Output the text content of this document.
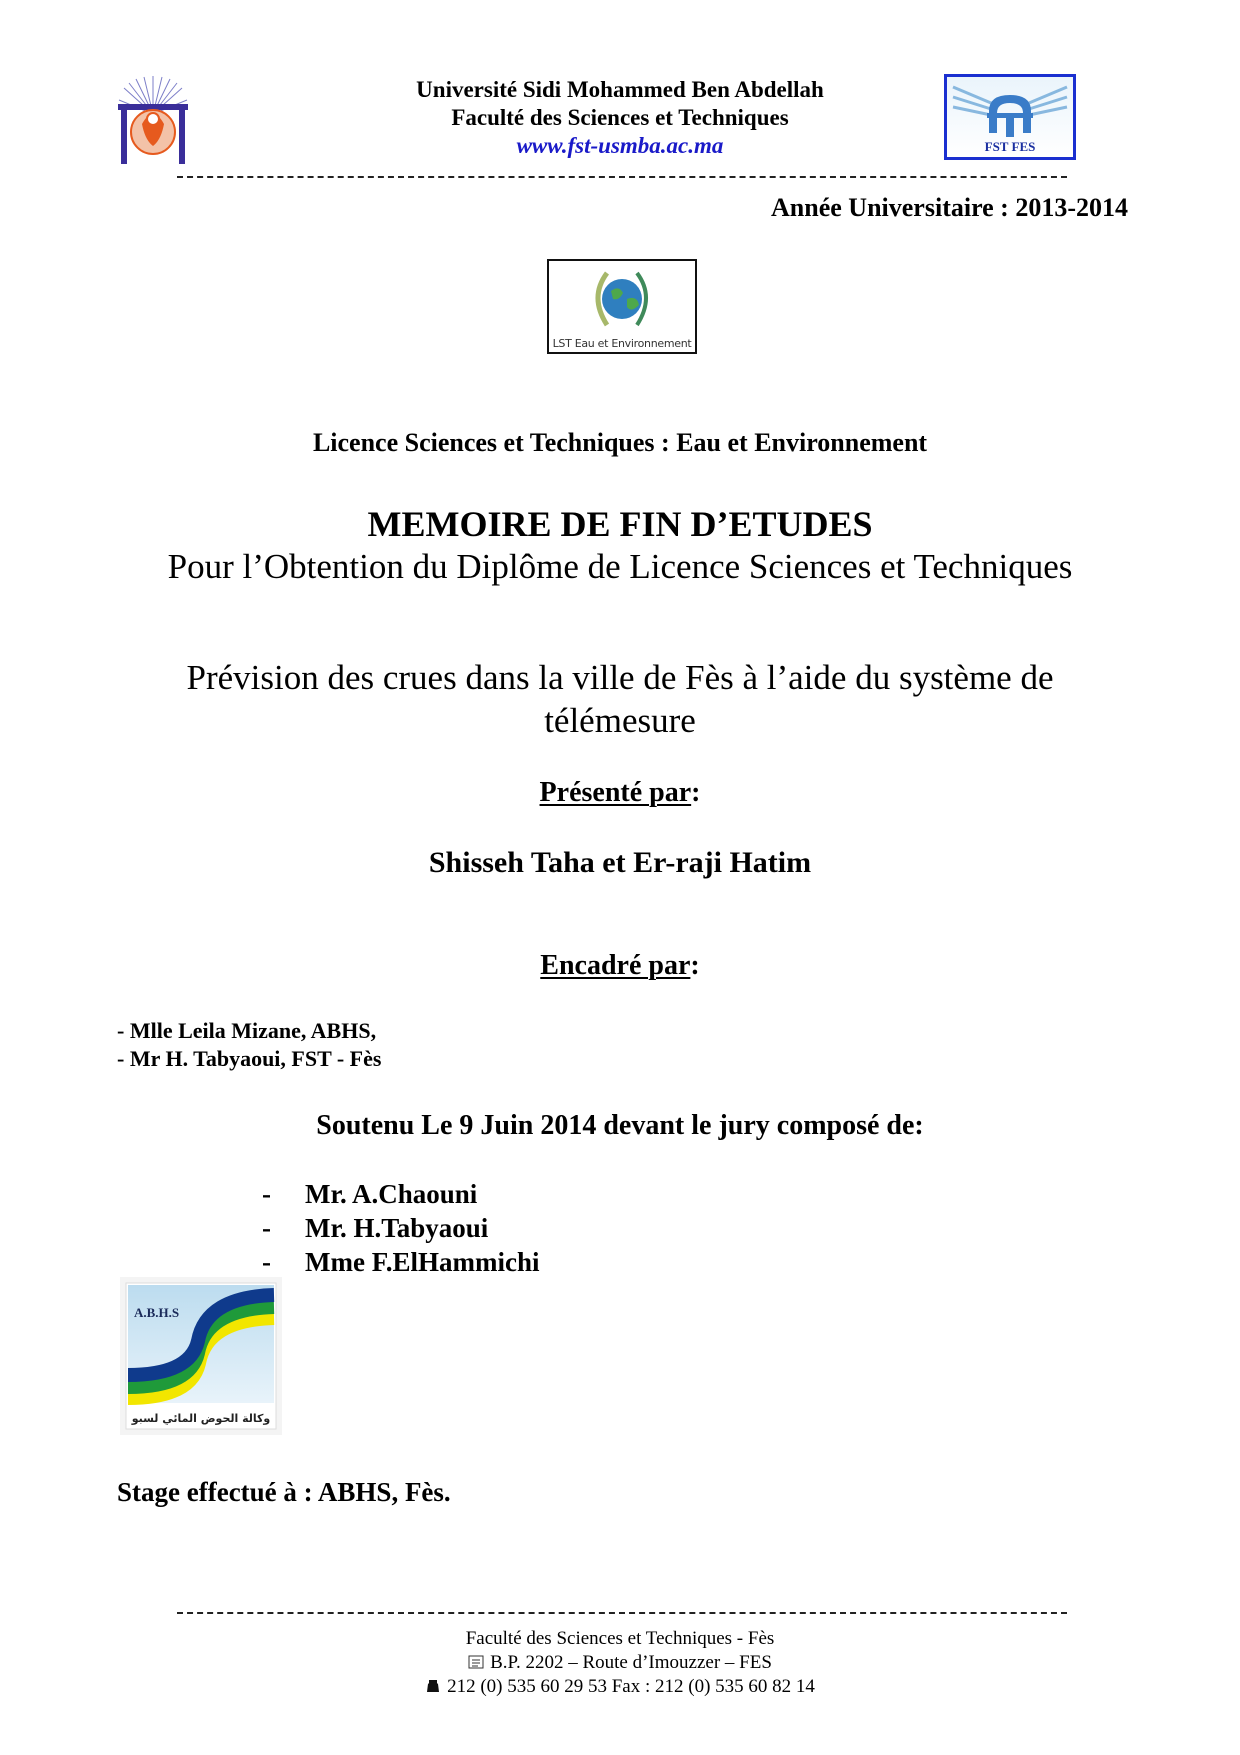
Université Sidi Mohammed Ben Abdellah
Faculté des Sciences et Techniques
www.fst-usmba.ac.ma	FST FES
Année Universitaire : 2013-2014
LST Eau et Environnement
Licence Sciences et Techniques : Eau et Environnement
MEMOIRE DE FIN D’ETUDES
Pour l’Obtention du Diplôme de Licence Sciences et Techniques
Prévision des crues dans la ville de Fès à l’aide du système de
télémesure
Présenté par:
Shisseh Taha et Er-raji Hatim
Encadré par:
- Mlle Leila Mizane, ABHS,
- Mr H. Tabyaoui, FST - Fès
Soutenu Le 9 Juin 2014 devant le jury composé de:
- Mr. A.Chaouni
- Mr. H.Tabyaoui
- Mme F.ElHammichi
A.B.H.S
وكالة الحوض المائي لسبو
Stage effectué à : ABHS, Fès.
Faculté des Sciences et Techniques - Fès
B.P. 2202 – Route d’Imouzzer – FES
212 (0) 535 60 29 53 Fax : 212 (0) 535 60 82 14
